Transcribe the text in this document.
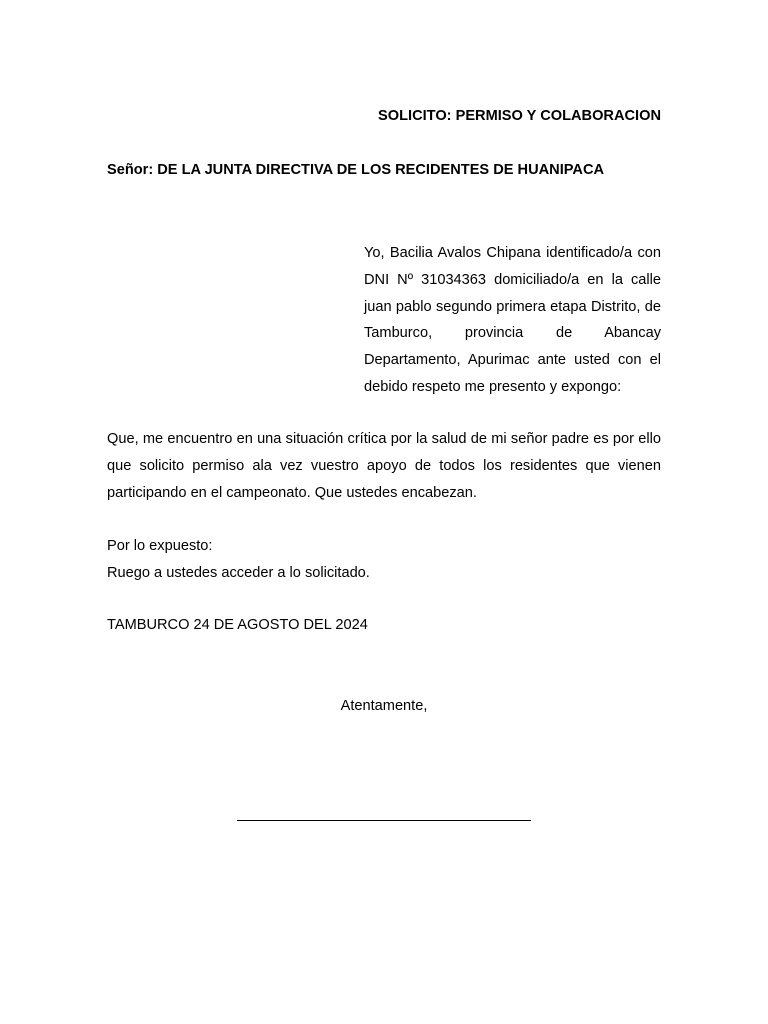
SOLICITO: PERMISO Y COLABORACION
Señor: DE LA JUNTA DIRECTIVA DE LOS RECIDENTES DE HUANIPACA

Yo, Bacilia Avalos Chipana identificado/a con DNI Nº 31034363 domiciliado/a en la calle juan pablo segundo primera etapa Distrito, de Tamburco, provincia de Abancay Departamento, Apurimac ante usted con el debido respeto me presento y expongo:

Que, me encuentro en una situación crítica por la salud de mi señor padre es por ello que solicito permiso ala vez vuestro apoyo de todos los residentes que vienen participando en el campeonato. Que ustedes encabezan.

Por lo expuesto:
Ruego a ustedes acceder a lo solicitado.
TAMBURCO 24 DE AGOSTO DEL 2024
Atentamente,
